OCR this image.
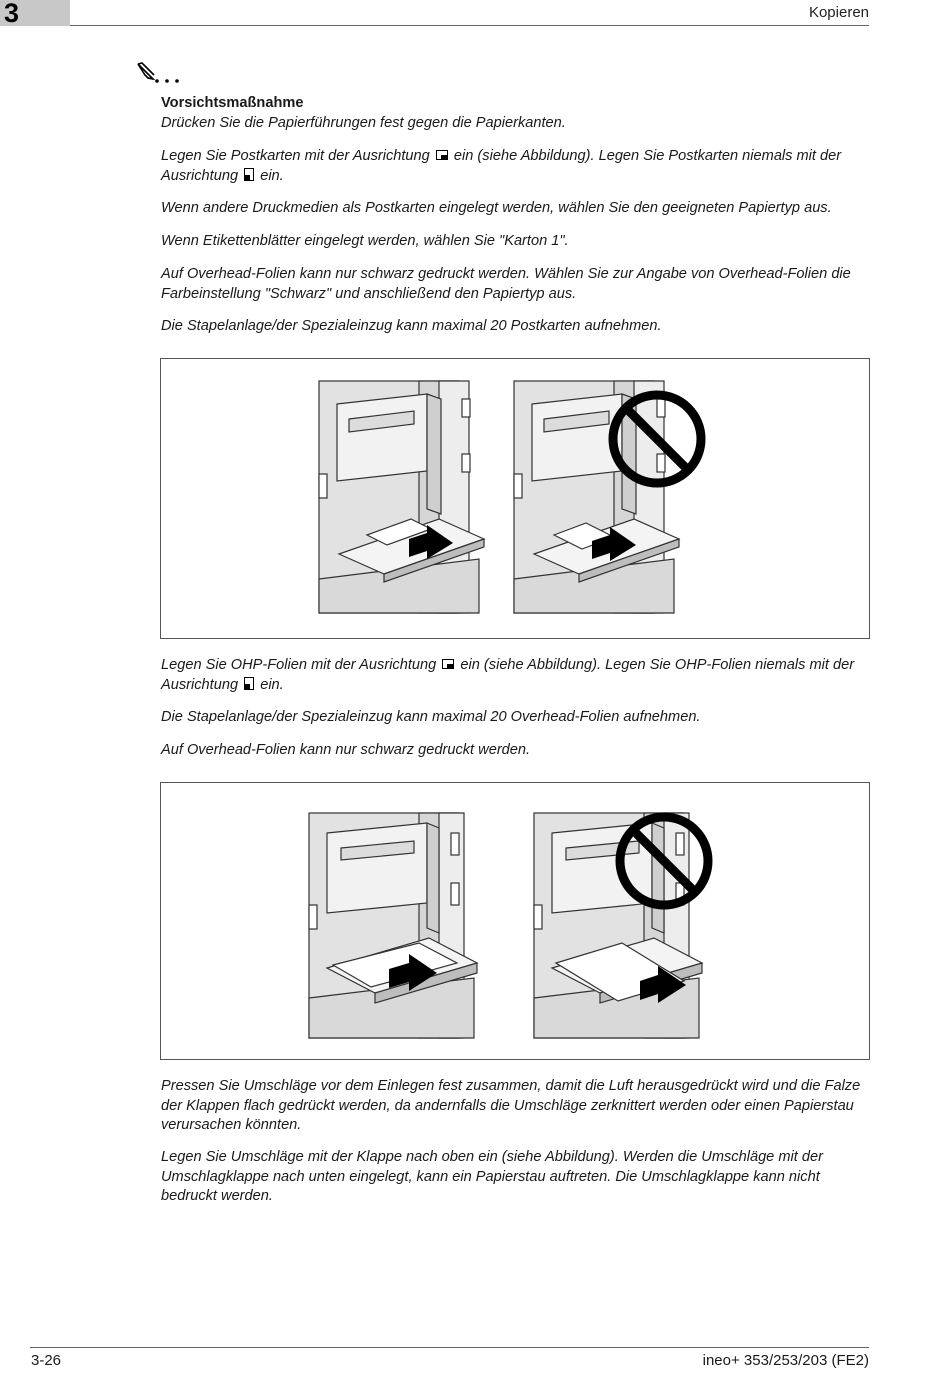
3	Kopieren
Vorsichtsmaßnahme

Drücken Sie die Papierführungen fest gegen die Papierkanten.

Legen Sie Postkarten mit der Ausrichtung ein (siehe Abbildung). Legen Sie Postkarten niemals mit der Ausrichtung ein.

Wenn andere Druckmedien als Postkarten eingelegt werden, wählen Sie den geeigneten Papiertyp aus.

Wenn Etikettenblätter eingelegt werden, wählen Sie "Karton 1".

Auf Overhead-Folien kann nur schwarz gedruckt werden. Wählen Sie zur Angabe von Overhead-Folien die Farbeinstellung "Schwarz" und anschließend den Papiertyp aus.

Die Stapelanlage/der Spezialeinzug kann maximal 20 Postkarten aufnehmen.

Legen Sie OHP-Folien mit der Ausrichtung ein (siehe Abbildung). Legen Sie OHP-Folien niemals mit der Ausrichtung ein.

Die Stapelanlage/der Spezialeinzug kann maximal 20 Overhead-Folien aufnehmen.

Auf Overhead-Folien kann nur schwarz gedruckt werden.

Pressen Sie Umschläge vor dem Einlegen fest zusammen, damit die Luft herausgedrückt wird und die Falze der Klappen flach gedrückt werden, da andernfalls die Umschläge zerknittert werden oder einen Papierstau verursachen könnten.

Legen Sie Umschläge mit der Klappe nach oben ein (siehe Abbildung). Werden die Umschläge mit der Umschlagklappe nach unten eingelegt, kann ein Papierstau auftreten. Die Umschlagklappe kann nicht bedruckt werden.

3-26	ineo+ 353/253/203 (FE2)
